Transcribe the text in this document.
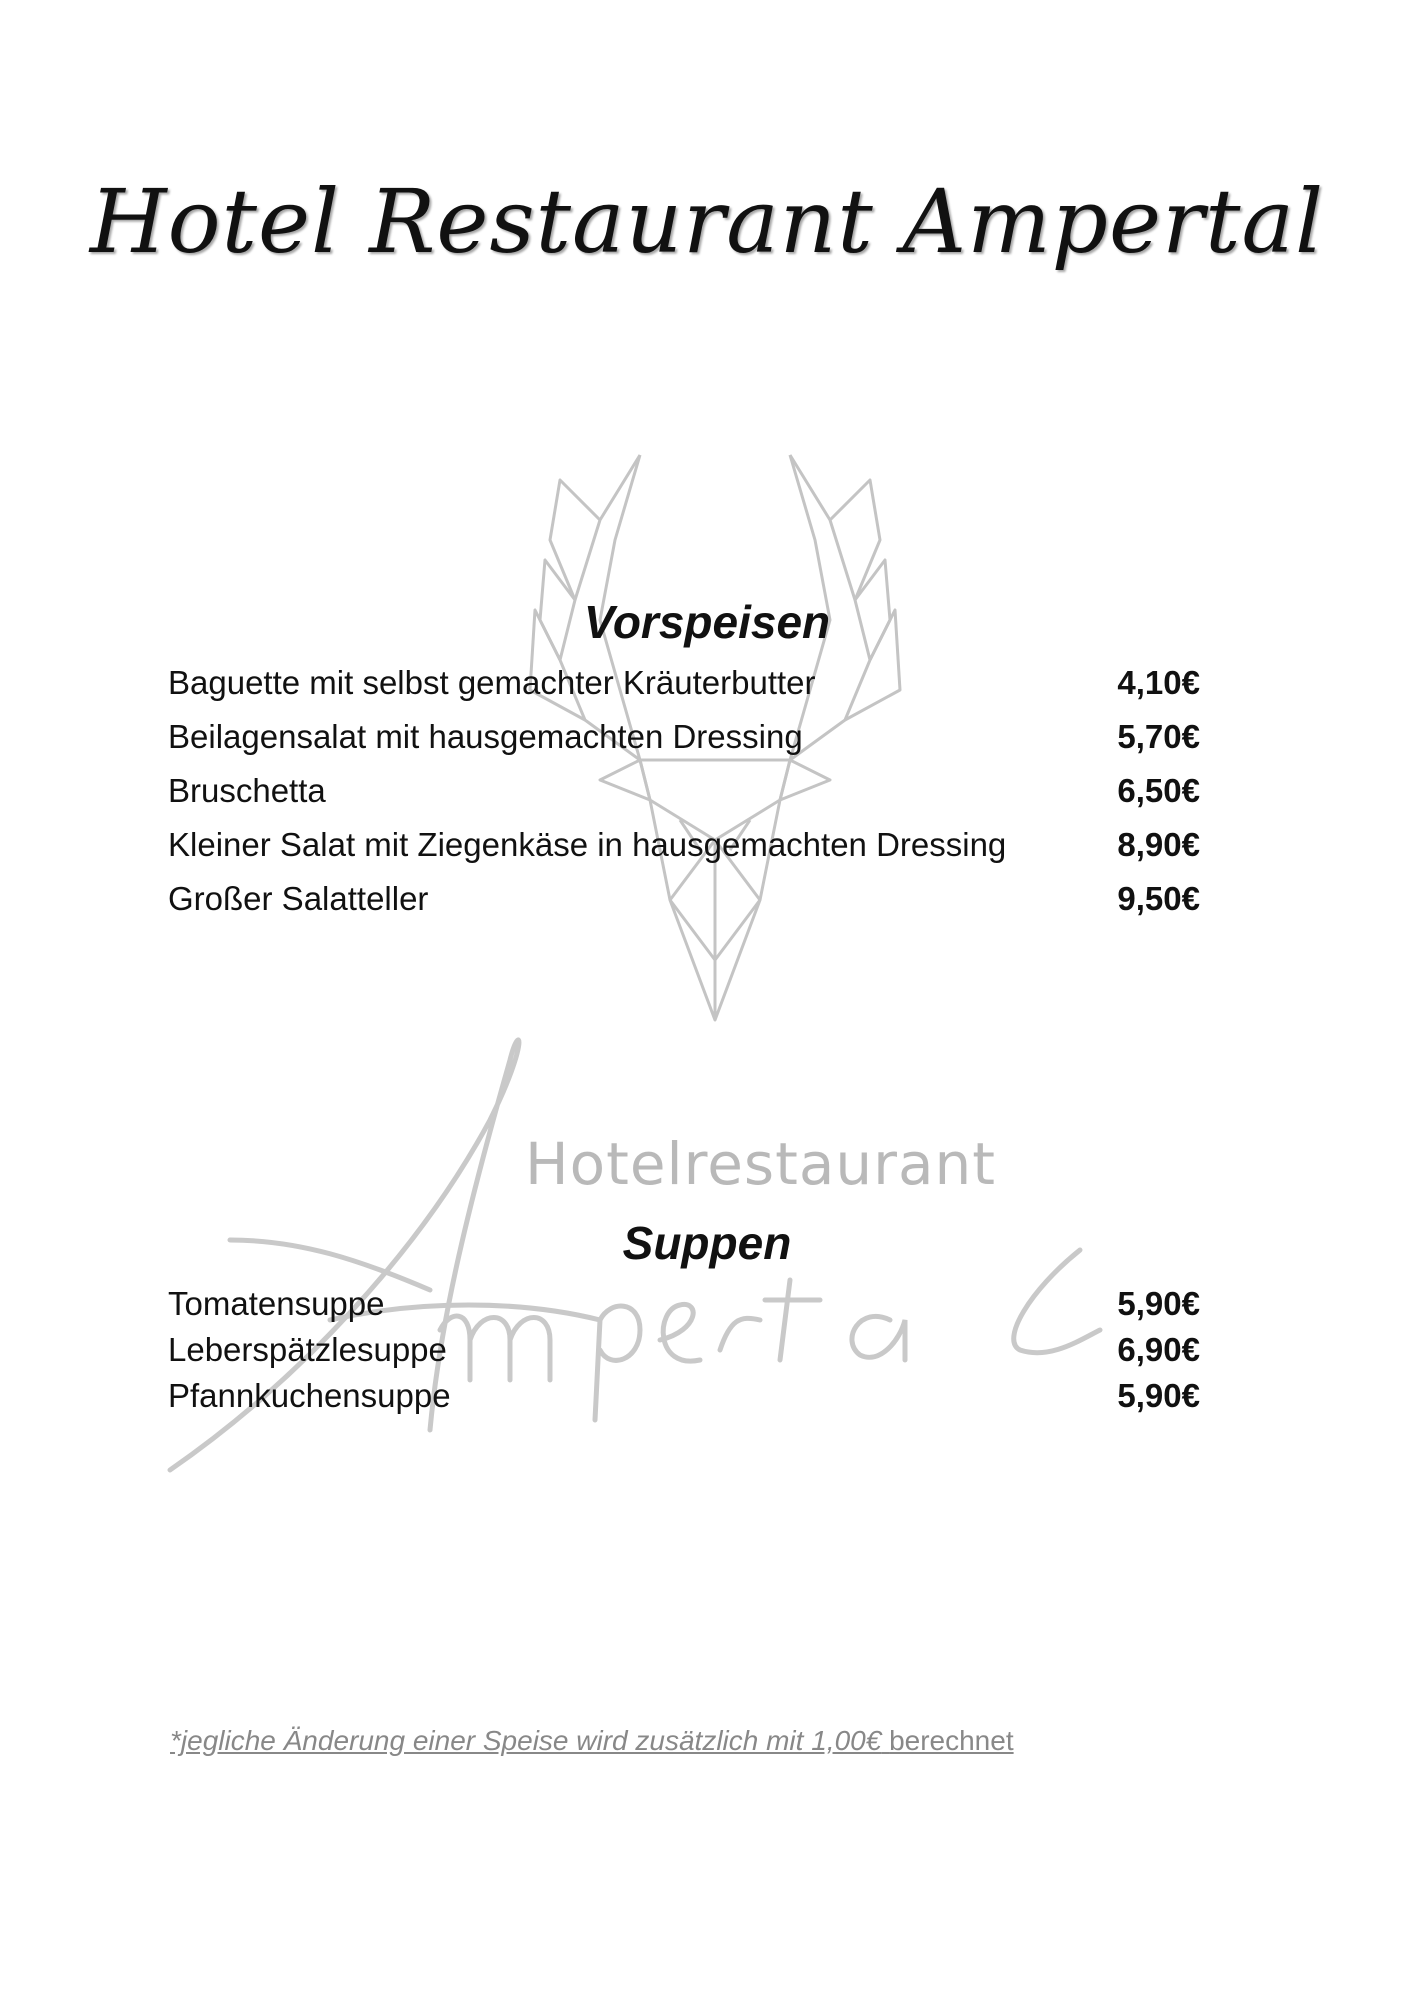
Hotelrestaurant
Hotel Restaurant Ampertal
Vorspeisen
Baguette mit selbst gemachter Kräuterbutter	4,10€
Beilagensalat mit hausgemachten Dressing	5,70€
Bruschetta	6,50€
Kleiner Salat mit Ziegenkäse in hausgemachten Dressing	8,90€
Großer Salatteller	9,50€
Suppen
Tomatensuppe	5,90€
Leberspätzlesuppe	6,90€
Pfannkuchensuppe	5,90€
*jegliche Änderung einer Speise wird zusätzlich mit 1,00€ berechnet
